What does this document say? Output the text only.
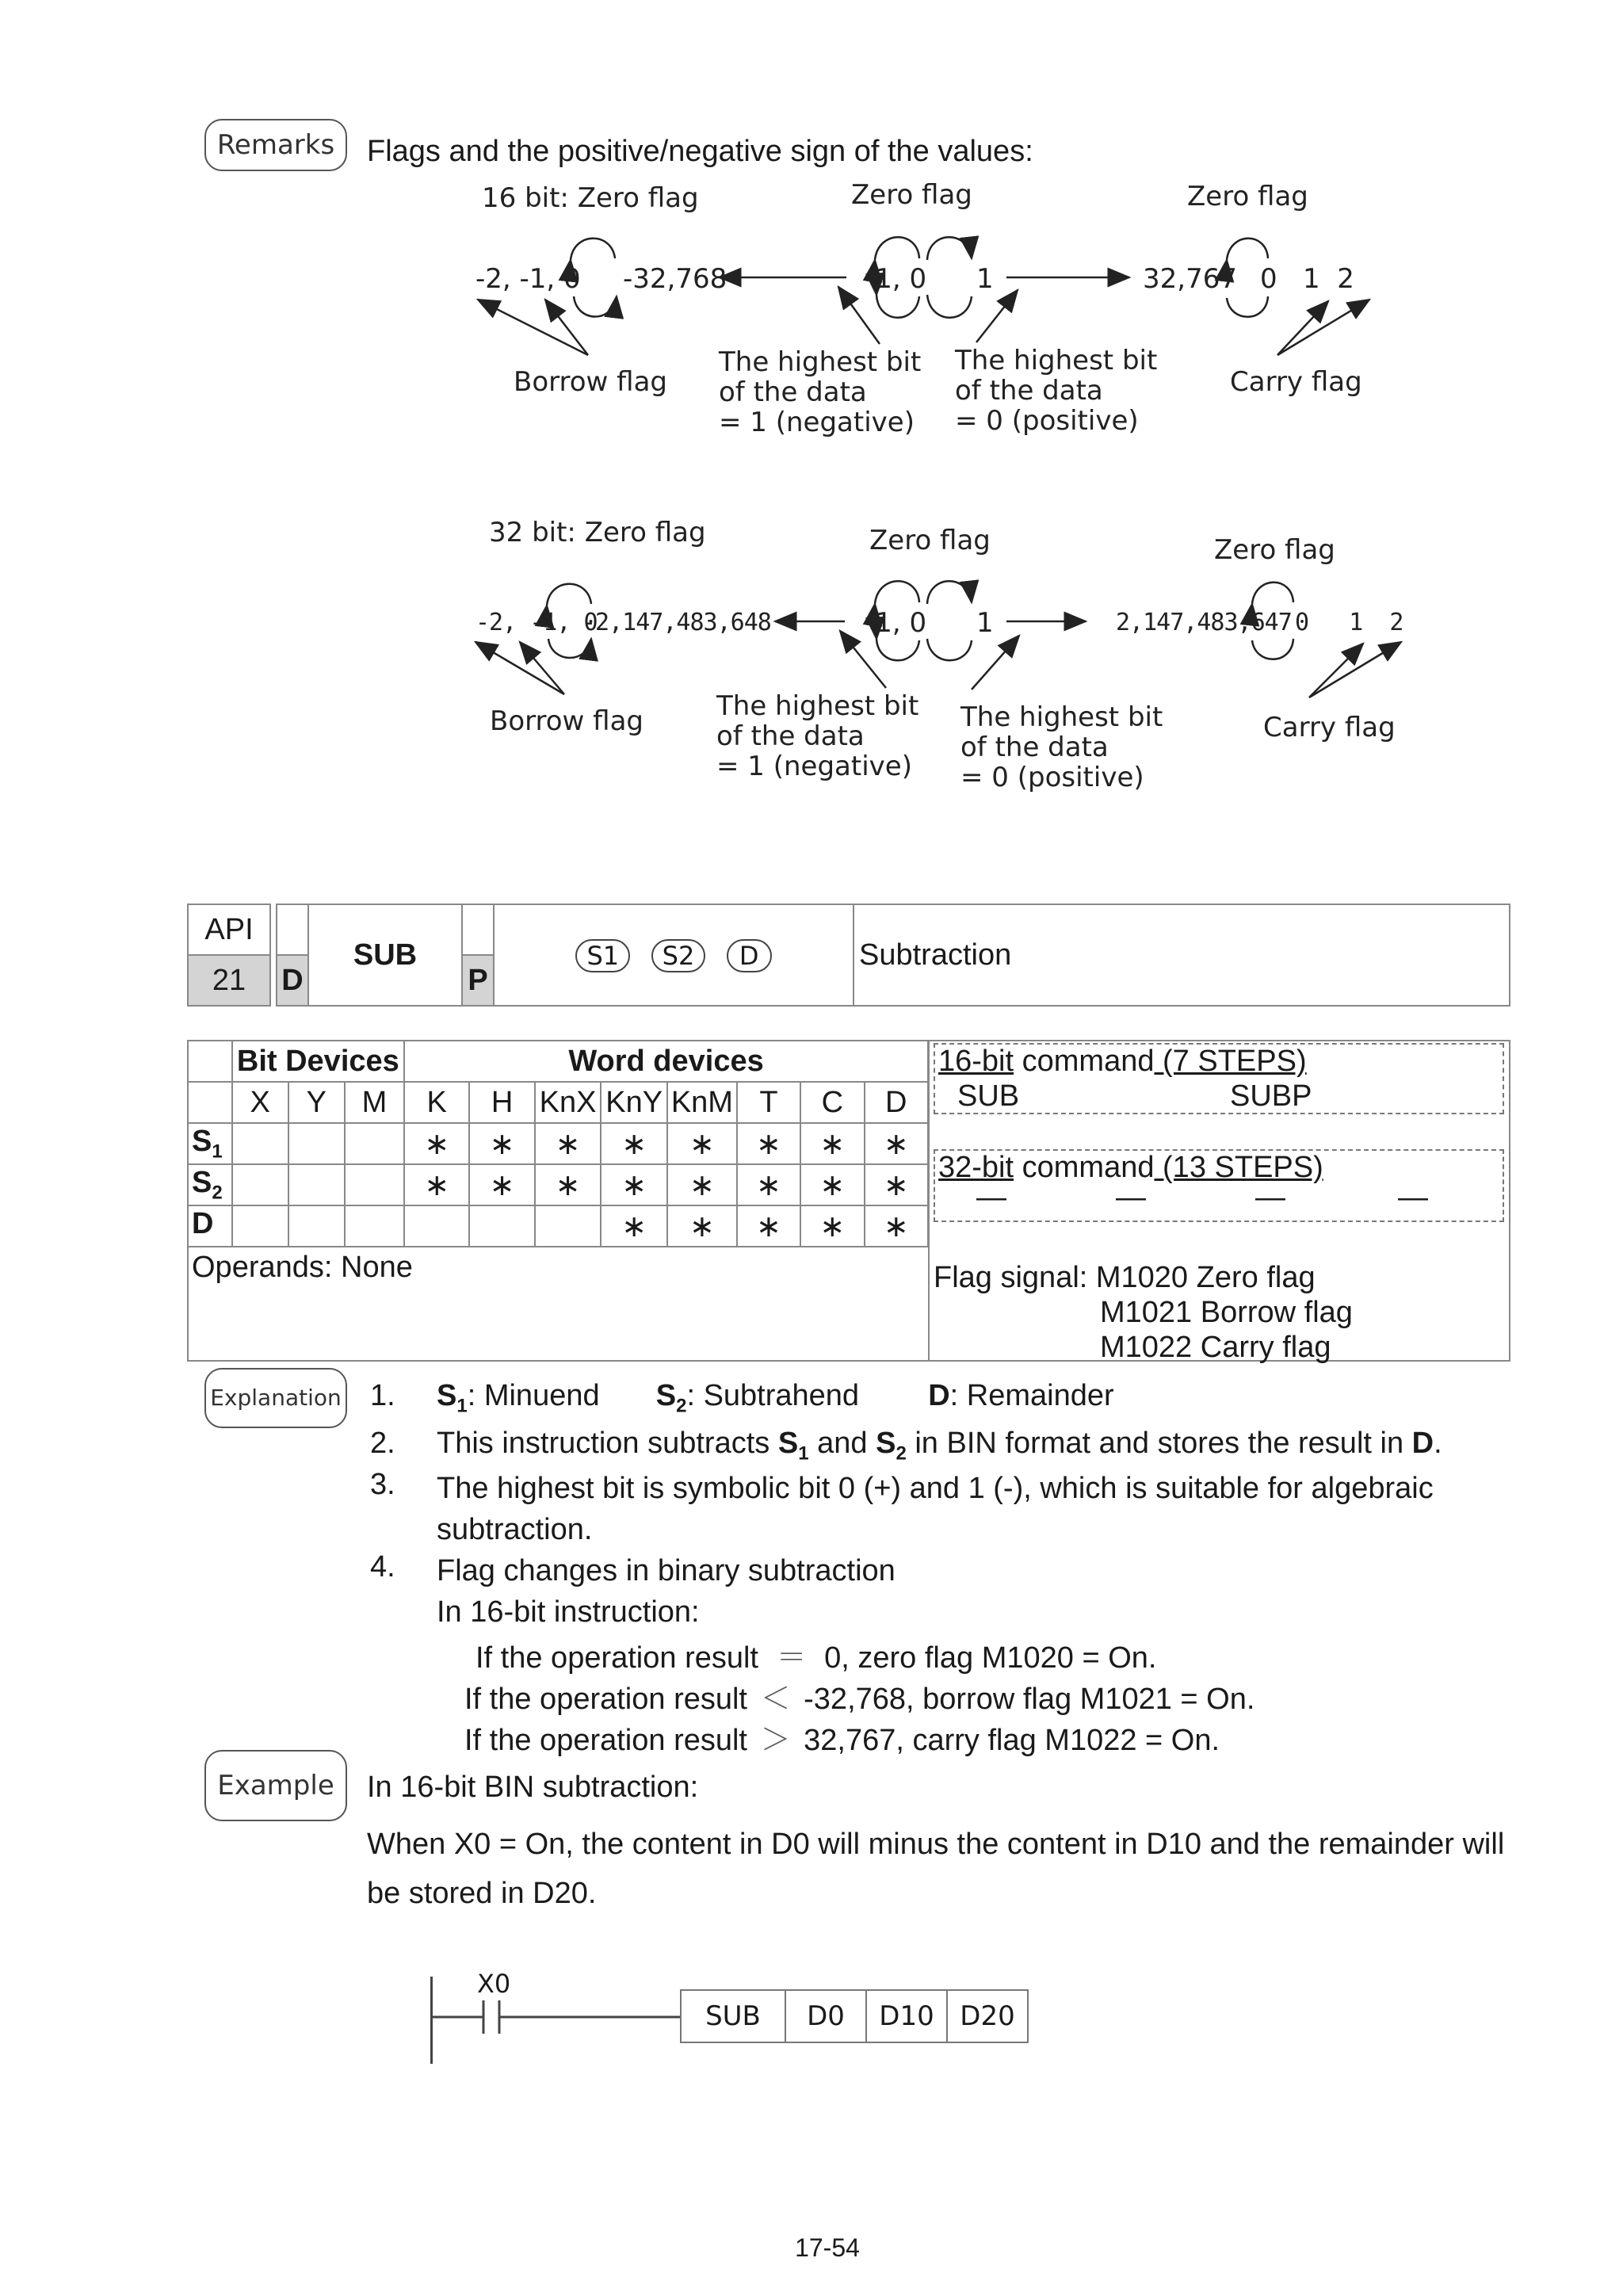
Remarks	Flags and the positive/negative sign of the values:
16 bit: Zero flag	Zero flag	Zero flag
-2, -1, 0 -32,768	-1, 0 1	32,767 0   1  2
Borrow flag	Carry flag
The highest bit
of the data
= 1 (negative)
The highest bit
of the data
= 0 (positive)
32 bit: Zero flag	Zero flag	Zero flag
-2, -1, 0
-2,147,483,648	-1, 0 1	2,147,483,647 0   1  2
Borrow flag	Carry flag
The highest bit
of the data
= 1 (negative)
The highest bit
of the data
= 0 (positive)
API			SUB		S1 S2 D	Subtraction
21		D		P		
	Bit Devices			Word devices							
	X	Y	M	K	H	KnX	KnY	KnM	T	C	D
$S_1$				∗	∗	∗	∗	∗	∗	∗	∗
$S_2$				∗	∗	∗	∗	∗	∗	∗	∗
D							∗	∗	∗	∗	∗
Operands: None
16-bit command (7 STEPS)
SUB	SUBP
32-bit command (13 STEPS)
—	—	—	—
Flag signal: M1020 Zero flag
M1021 Borrow flag
M1022 Carry flag
Explanation 1. $S_1$: Minuend $S_2$: Subtrahend D: Remainder
2. This instruction subtracts $S_1$ and $S_2$ in BIN format and stores the result in D.
3. The highest bit is symbolic bit 0 (+) and 1 (-), which is suitable for algebraic
subtraction.
4. Flag changes in binary subtraction
In 16-bit instruction:
If the operation result ＝ 0, zero flag M1020 = On.
If the operation result ＜ -32,768, borrow flag M1021 = On.
If the operation result ＞ 32,767, carry flag M1022 = On.
Example	In 16-bit BIN subtraction:
When X0 = On, the content in D0 will minus the content in D10 and the remainder will
be stored in D20.
X0
SUB	D0	D10	D20
17-54
